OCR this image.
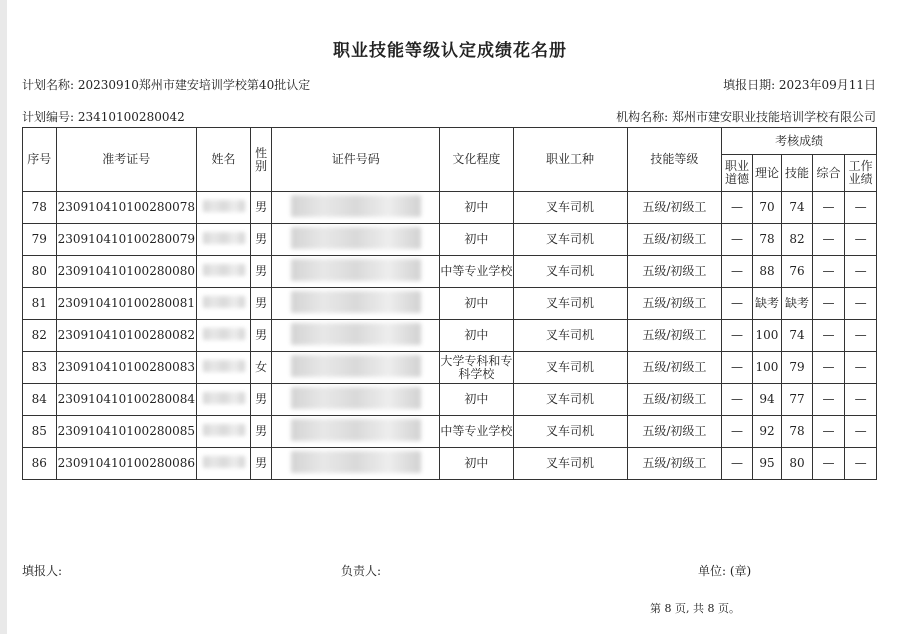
职业技能等级认定成绩花名册
计划名称: 20230910郑州市建安培训学校第40批认定	填报日期: 2023年09月11日
计划编号: 23410100280042	机构名称: 郑州市建安职业技能培训学校有限公司
序号	准考证号	姓名	性别	证件号码	文化程度	职业工种	技能等级	考核成绩				
								职业道德	理论	技能	综合	工作业绩
78	230910410100280078		男		初中	叉车司机	五级/初级工	—	70	74	—	—
79	230910410100280079		男		初中	叉车司机	五级/初级工	—	78	82	—	—
80	230910410100280080		男		中等专业学校	叉车司机	五级/初级工	—	88	76	—	—
81	230910410100280081		男		初中	叉车司机	五级/初级工	—	缺考	缺考	—	—
82	230910410100280082		男		初中	叉车司机	五级/初级工	—	100	74	—	—
83	230910410100280083		女		大学专科和专科学校	叉车司机	五级/初级工	—	100	79	—	—
84	230910410100280084		男		初中	叉车司机	五级/初级工	—	94	77	—	—
85	230910410100280085		男		中等专业学校	叉车司机	五级/初级工	—	92	78	—	—
86	230910410100280086		男		初中	叉车司机	五级/初级工	—	95	80	—	—
填报人:	负责人:	单位: (章)
第 8 页, 共 8 页。
